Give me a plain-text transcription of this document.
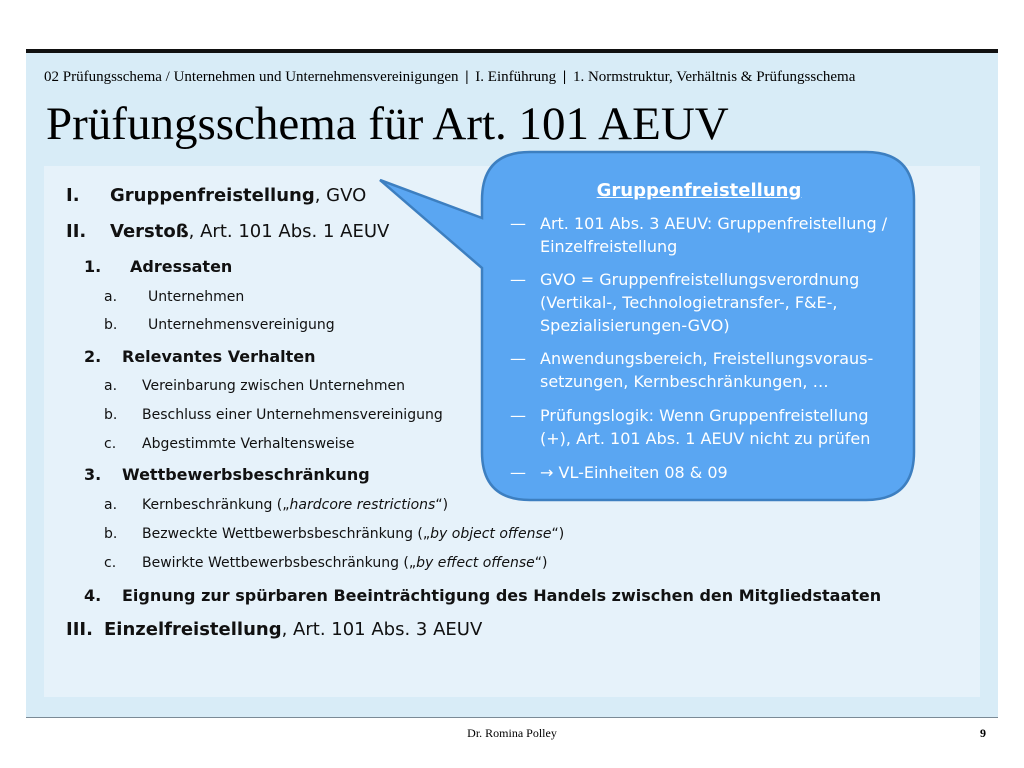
02 Prüfungsschema / Unternehmen und Unternehmensvereinigungen | I. Einführung | 1. Normstruktur, Verhältnis & Prüfungsschema
Prüfungsschema für Art. 101 AEUV
I. Gruppenfreistellung, GVO
II. Verstoß, Art. 101 Abs. 1 AEUV
1. Adressaten
a. Unternehmen
b. Unternehmensvereinigung
2. Relevantes Verhalten
a. Vereinbarung zwischen Unternehmen
b. Beschluss einer Unternehmensvereinigung
c. Abgestimmte Verhaltensweise
3. Wettbewerbsbeschränkung
a. Kernbeschränkung („hardcore restrictions“)
b. Bezweckte Wettbewerbsbeschränkung („by object offense“)
c. Bewirkte Wettbewerbsbeschränkung („by effect offense“)
4. Eignung zur spürbaren Beeinträchtigung des Handels zwischen den Mitgliedstaaten
III. Einzelfreistellung, Art. 101 Abs. 3 AEUV
Gruppenfreistellung
— Art. 101 Abs. 3 AEUV: Gruppenfreistellung / Einzelfreistellung
— GVO = Gruppenfreistellungsverordnung (Vertikal-, Technologietransfer-, F&E-, Spezialisierungen-GVO)
— Anwendungsbereich, Freistellungsvoraus-setzungen, Kernbeschränkungen, …
— Prüfungslogik: Wenn Gruppenfreistellung (+), Art. 101 Abs. 1 AEUV nicht zu prüfen
— → VL-Einheiten 08 & 09
Dr. Romina Polley	9
